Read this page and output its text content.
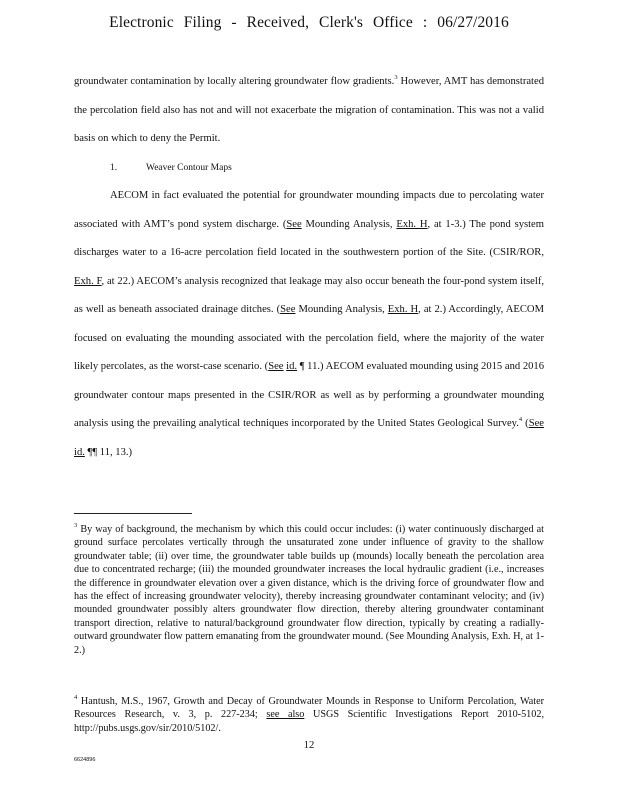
Electronic Filing - Received, Clerk's Office : 06/27/2016

groundwater contamination by locally altering groundwater flow gradients.$^3$ However, AMT has demonstrated the percolation field also has not and will not exacerbate the migration of contamination. This was not a valid basis on which to deny the Permit.

1.	Weaver Contour Maps

AECOM in fact evaluated the potential for groundwater mounding impacts due to percolating water associated with AMT’s pond system discharge. (See Mounding Analysis, Exh. H, at 1-3.) The pond system discharges water to a 16-acre percolation field located in the southwestern portion of the Site. (CSIR/ROR, Exh. F, at 22.) AECOM’s analysis recognized that leakage may also occur beneath the four-pond system itself, as well as beneath associated drainage ditches. (See Mounding Analysis, Exh. H, at 2.) Accordingly, AECOM focused on evaluating the mounding associated with the percolation field, where the majority of the water likely percolates, as the worst-case scenario. (See id. ¶ 11.) AECOM evaluated mounding using 2015 and 2016 groundwater contour maps presented in the CSIR/ROR as well as by performing a groundwater mounding analysis using the prevailing analytical techniques incorporated by the United States Geological Survey.$^4$ (See id. ¶¶ 11, 13.)

$^3$ By way of background, the mechanism by which this could occur includes: (i) water continuously discharged at ground surface percolates vertically through the unsaturated zone under influence of gravity to the shallow groundwater table; (ii) over time, the groundwater table builds up (mounds) locally beneath the percolation area due to concentrated recharge; (iii) the mounded groundwater increases the local hydraulic gradient (i.e., increases the difference in groundwater elevation over a given distance, which is the driving force of groundwater flow and has the effect of increasing groundwater velocity), thereby increasing groundwater contaminant velocity; and (iv) mounded groundwater possibly alters groundwater flow direction, thereby altering groundwater contaminant transport direction, relative to natural/background groundwater flow direction, typically by creating a radially-outward groundwater flow pattern emanating from the groundwater mound. (See Mounding Analysis, Exh. H, at 1-2.)

$^4$ Hantush, M.S., 1967, Growth and Decay of Groundwater Mounds in Response to Uniform Percolation, Water Resources Research, v. 3, p. 227-234; see also USGS Scientific Investigations Report 2010-5102, http://pubs.usgs.gov/sir/2010/5102/.

12
6624896
